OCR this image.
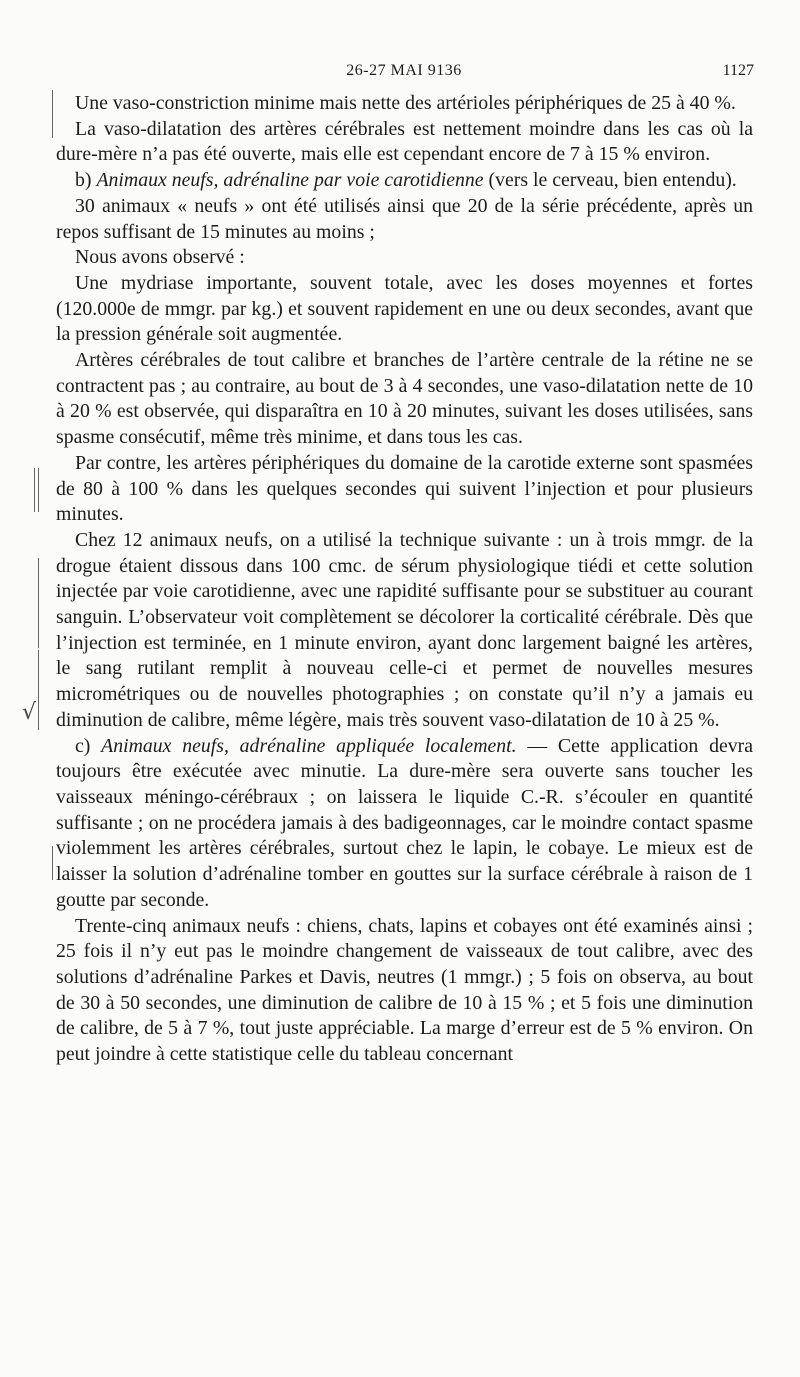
26-27 MAI 9136	1127
√

Une vaso-constriction minime mais nette des artérioles périphériques de 25 à 40 %.

La vaso-dilatation des artères cérébrales est nettement moindre dans les cas où la dure-mère n’a pas été ouverte, mais elle est cependant encore de 7 à 15 % environ.

b) Animaux neufs, adrénaline par voie carotidienne (vers le cerveau, bien entendu).

30 animaux « neufs » ont été utilisés ainsi que 20 de la série précédente, après un repos suffisant de 15 minutes au moins ;

Nous avons observé :

Une mydriase importante, souvent totale, avec les doses moyennes et fortes (120.000e de mmgr. par kg.) et souvent rapidement en une ou deux secondes, avant que la pression générale soit augmentée.

Artères cérébrales de tout calibre et branches de l’artère centrale de la rétine ne se contractent pas ; au contraire, au bout de 3 à 4 secondes, une vaso-dilatation nette de 10 à 20 % est observée, qui disparaîtra en 10 à 20 minutes, suivant les doses utilisées, sans spasme consécutif, même très minime, et dans tous les cas.

Par contre, les artères périphériques du domaine de la carotide externe sont spasmées de 80 à 100 % dans les quelques secondes qui suivent l’injection et pour plusieurs minutes.

Chez 12 animaux neufs, on a utilisé la technique suivante : un à trois mmgr. de la drogue étaient dissous dans 100 cmc. de sérum physiologique tiédi et cette solution injectée par voie carotidienne, avec une rapidité suffisante pour se substituer au courant sanguin. L’observateur voit complètement se décolorer la corticalité cérébrale. Dès que l’injection est terminée, en 1 minute environ, ayant donc largement baigné les artères, le sang rutilant remplit à nouveau celle-ci et permet de nouvelles mesures micrométriques ou de nouvelles photographies ; on constate qu’il n’y a jamais eu diminution de calibre, même légère, mais très souvent vaso-dilatation de 10 à 25 %.

c) Animaux neufs, adrénaline appliquée localement. — Cette application devra toujours être exécutée avec minutie. La dure-mère sera ouverte sans toucher les vaisseaux méningo-cérébraux ; on laissera le liquide C.-R. s’écouler en quantité suffisante ; on ne procédera jamais à des badigeonnages, car le moindre contact spasme violemment les artères cérébrales, surtout chez le lapin, le cobaye. Le mieux est de laisser la solution d’adrénaline tomber en gouttes sur la surface cérébrale à raison de 1 goutte par seconde.

Trente-cinq animaux neufs : chiens, chats, lapins et cobayes ont été examinés ainsi ; 25 fois il n’y eut pas le moindre changement de vaisseaux de tout calibre, avec des solutions d’adrénaline Parkes et Davis, neutres (1 mmgr.) ; 5 fois on observa, au bout de 30 à 50 secondes, une diminution de calibre de 10 à 15 % ; et 5 fois une diminution de calibre, de 5 à 7 %, tout juste appréciable. La marge d’erreur est de 5 % environ. On peut joindre à cette statistique celle du tableau concernant
